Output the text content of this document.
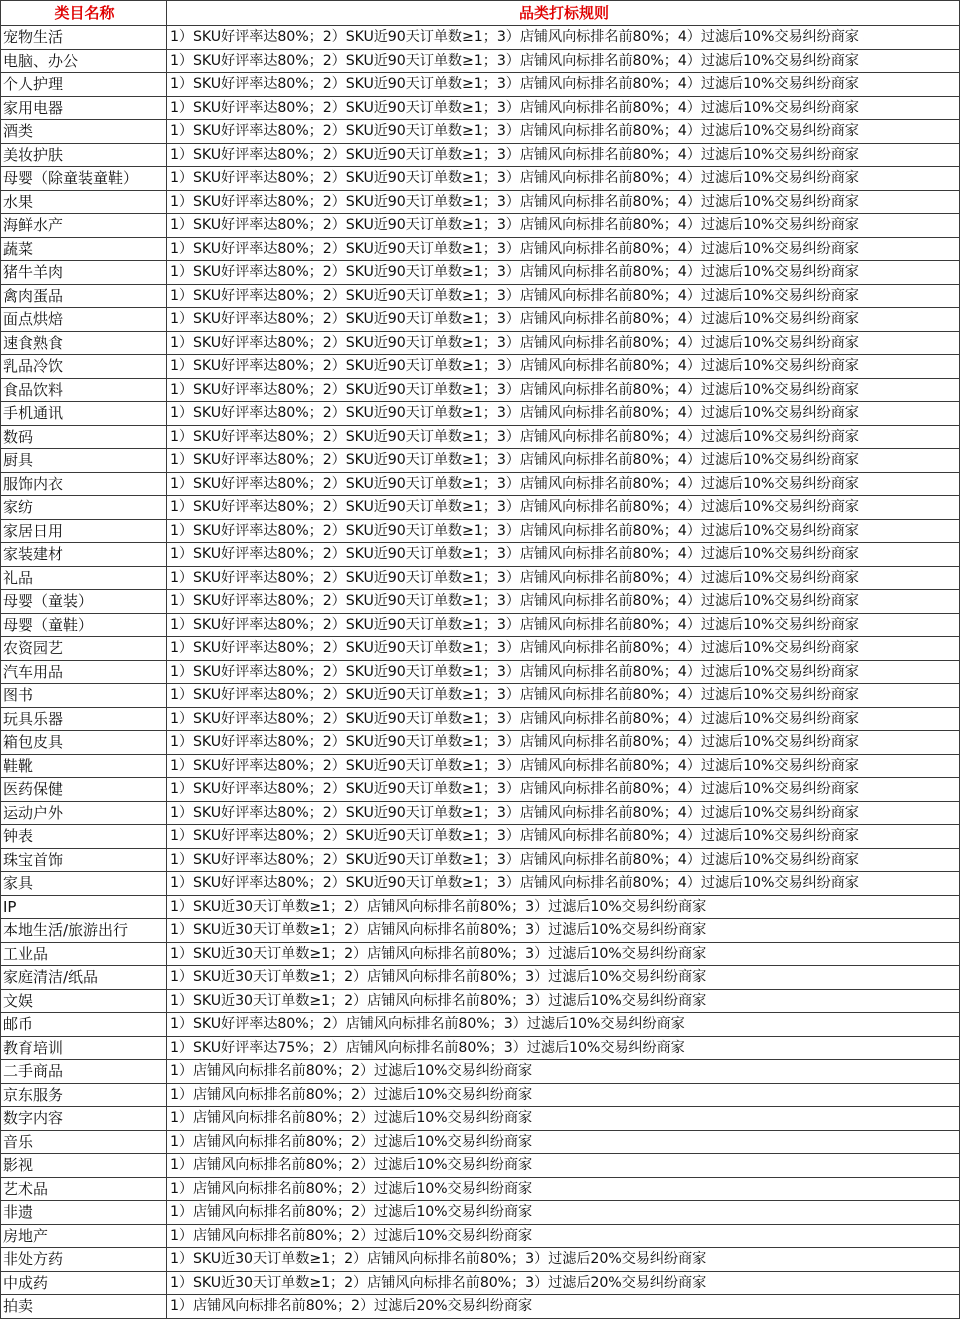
类目名称	品类打标规则
宠物生活	1）SKU好评率达80%；2）SKU近90天订单数≥1；3）店铺风向标排名前80%；4）过滤后10%交易纠纷商家
电脑、办公	1）SKU好评率达80%；2）SKU近90天订单数≥1；3）店铺风向标排名前80%；4）过滤后10%交易纠纷商家
个人护理	1）SKU好评率达80%；2）SKU近90天订单数≥1；3）店铺风向标排名前80%；4）过滤后10%交易纠纷商家
家用电器	1）SKU好评率达80%；2）SKU近90天订单数≥1；3）店铺风向标排名前80%；4）过滤后10%交易纠纷商家
酒类	1）SKU好评率达80%；2）SKU近90天订单数≥1；3）店铺风向标排名前80%；4）过滤后10%交易纠纷商家
美妆护肤	1）SKU好评率达80%；2）SKU近90天订单数≥1；3）店铺风向标排名前80%；4）过滤后10%交易纠纷商家
母婴（除童装童鞋）	1）SKU好评率达80%；2）SKU近90天订单数≥1；3）店铺风向标排名前80%；4）过滤后10%交易纠纷商家
水果	1）SKU好评率达80%；2）SKU近90天订单数≥1；3）店铺风向标排名前80%；4）过滤后10%交易纠纷商家
海鲜水产	1）SKU好评率达80%；2）SKU近90天订单数≥1；3）店铺风向标排名前80%；4）过滤后10%交易纠纷商家
蔬菜	1）SKU好评率达80%；2）SKU近90天订单数≥1；3）店铺风向标排名前80%；4）过滤后10%交易纠纷商家
猪牛羊肉	1）SKU好评率达80%；2）SKU近90天订单数≥1；3）店铺风向标排名前80%；4）过滤后10%交易纠纷商家
禽肉蛋品	1）SKU好评率达80%；2）SKU近90天订单数≥1；3）店铺风向标排名前80%；4）过滤后10%交易纠纷商家
面点烘焙	1）SKU好评率达80%；2）SKU近90天订单数≥1；3）店铺风向标排名前80%；4）过滤后10%交易纠纷商家
速食熟食	1）SKU好评率达80%；2）SKU近90天订单数≥1；3）店铺风向标排名前80%；4）过滤后10%交易纠纷商家
乳品冷饮	1）SKU好评率达80%；2）SKU近90天订单数≥1；3）店铺风向标排名前80%；4）过滤后10%交易纠纷商家
食品饮料	1）SKU好评率达80%；2）SKU近90天订单数≥1；3）店铺风向标排名前80%；4）过滤后10%交易纠纷商家
手机通讯	1）SKU好评率达80%；2）SKU近90天订单数≥1；3）店铺风向标排名前80%；4）过滤后10%交易纠纷商家
数码	1）SKU好评率达80%；2）SKU近90天订单数≥1；3）店铺风向标排名前80%；4）过滤后10%交易纠纷商家
厨具	1）SKU好评率达80%；2）SKU近90天订单数≥1；3）店铺风向标排名前80%；4）过滤后10%交易纠纷商家
服饰内衣	1）SKU好评率达80%；2）SKU近90天订单数≥1；3）店铺风向标排名前80%；4）过滤后10%交易纠纷商家
家纺	1）SKU好评率达80%；2）SKU近90天订单数≥1；3）店铺风向标排名前80%；4）过滤后10%交易纠纷商家
家居日用	1）SKU好评率达80%；2）SKU近90天订单数≥1；3）店铺风向标排名前80%；4）过滤后10%交易纠纷商家
家装建材	1）SKU好评率达80%；2）SKU近90天订单数≥1；3）店铺风向标排名前80%；4）过滤后10%交易纠纷商家
礼品	1）SKU好评率达80%；2）SKU近90天订单数≥1；3）店铺风向标排名前80%；4）过滤后10%交易纠纷商家
母婴（童装）	1）SKU好评率达80%；2）SKU近90天订单数≥1；3）店铺风向标排名前80%；4）过滤后10%交易纠纷商家
母婴（童鞋）	1）SKU好评率达80%；2）SKU近90天订单数≥1；3）店铺风向标排名前80%；4）过滤后10%交易纠纷商家
农资园艺	1）SKU好评率达80%；2）SKU近90天订单数≥1；3）店铺风向标排名前80%；4）过滤后10%交易纠纷商家
汽车用品	1）SKU好评率达80%；2）SKU近90天订单数≥1；3）店铺风向标排名前80%；4）过滤后10%交易纠纷商家
图书	1）SKU好评率达80%；2）SKU近90天订单数≥1；3）店铺风向标排名前80%；4）过滤后10%交易纠纷商家
玩具乐器	1）SKU好评率达80%；2）SKU近90天订单数≥1；3）店铺风向标排名前80%；4）过滤后10%交易纠纷商家
箱包皮具	1）SKU好评率达80%；2）SKU近90天订单数≥1；3）店铺风向标排名前80%；4）过滤后10%交易纠纷商家
鞋靴	1）SKU好评率达80%；2）SKU近90天订单数≥1；3）店铺风向标排名前80%；4）过滤后10%交易纠纷商家
医药保健	1）SKU好评率达80%；2）SKU近90天订单数≥1；3）店铺风向标排名前80%；4）过滤后10%交易纠纷商家
运动户外	1）SKU好评率达80%；2）SKU近90天订单数≥1；3）店铺风向标排名前80%；4）过滤后10%交易纠纷商家
钟表	1）SKU好评率达80%；2）SKU近90天订单数≥1；3）店铺风向标排名前80%；4）过滤后10%交易纠纷商家
珠宝首饰	1）SKU好评率达80%；2）SKU近90天订单数≥1；3）店铺风向标排名前80%；4）过滤后10%交易纠纷商家
家具	1）SKU好评率达80%；2）SKU近90天订单数≥1；3）店铺风向标排名前80%；4）过滤后10%交易纠纷商家
IP	1）SKU近30天订单数≥1；2）店铺风向标排名前80%；3）过滤后10%交易纠纷商家
本地生活/旅游出行	1）SKU近30天订单数≥1；2）店铺风向标排名前80%；3）过滤后10%交易纠纷商家
工业品	1）SKU近30天订单数≥1；2）店铺风向标排名前80%；3）过滤后10%交易纠纷商家
家庭清洁/纸品	1）SKU近30天订单数≥1；2）店铺风向标排名前80%；3）过滤后10%交易纠纷商家
文娱	1）SKU近30天订单数≥1；2）店铺风向标排名前80%；3）过滤后10%交易纠纷商家
邮币	1）SKU好评率达80%；2）店铺风向标排名前80%；3）过滤后10%交易纠纷商家
教育培训	1）SKU好评率达75%；2）店铺风向标排名前80%；3）过滤后10%交易纠纷商家
二手商品	1）店铺风向标排名前80%；2）过滤后10%交易纠纷商家
京东服务	1）店铺风向标排名前80%；2）过滤后10%交易纠纷商家
数字内容	1）店铺风向标排名前80%；2）过滤后10%交易纠纷商家
音乐	1）店铺风向标排名前80%；2）过滤后10%交易纠纷商家
影视	1）店铺风向标排名前80%；2）过滤后10%交易纠纷商家
艺术品	1）店铺风向标排名前80%；2）过滤后10%交易纠纷商家
非遗	1）店铺风向标排名前80%；2）过滤后10%交易纠纷商家
房地产	1）店铺风向标排名前80%；2）过滤后10%交易纠纷商家
非处方药	1）SKU近30天订单数≥1；2）店铺风向标排名前80%；3）过滤后20%交易纠纷商家
中成药	1）SKU近30天订单数≥1；2）店铺风向标排名前80%；3）过滤后20%交易纠纷商家
拍卖	1）店铺风向标排名前80%；2）过滤后20%交易纠纷商家
